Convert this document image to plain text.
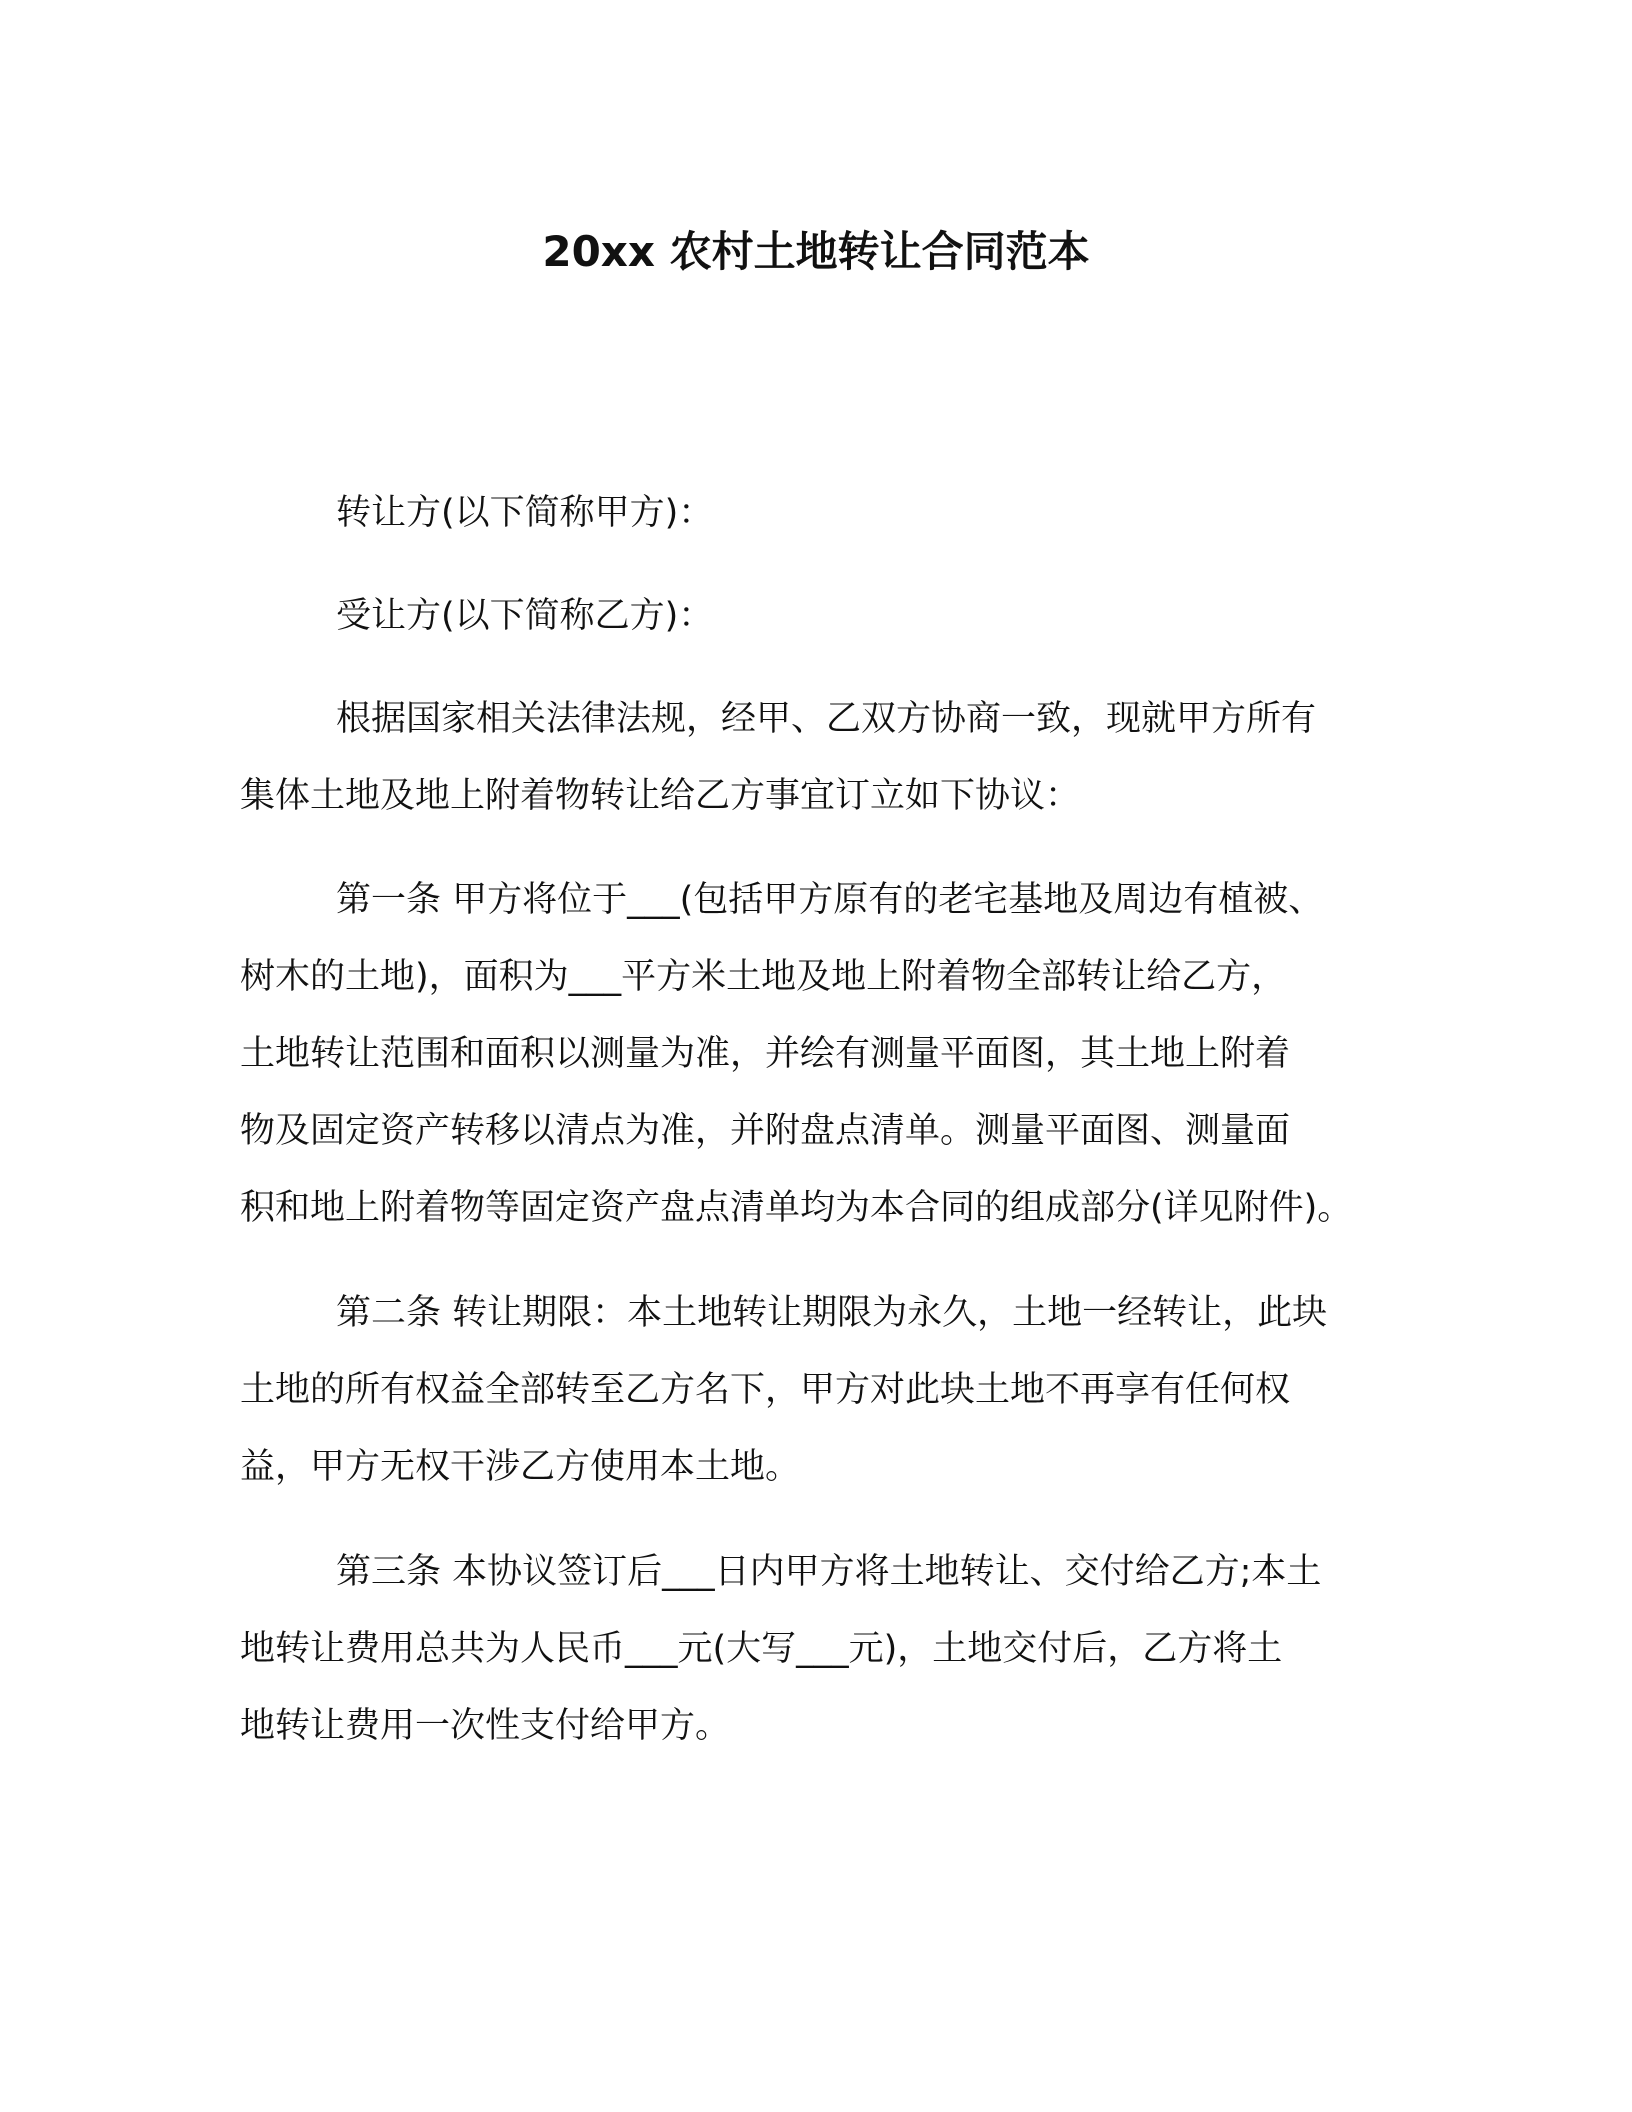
20xx 农村土地转让合同范本
转让方(以下简称甲方)：
受让方(以下简称乙方)：
根据国家相关法律法规，经甲、乙双方协商一致，现就甲方所有
集体土地及地上附着物转让给乙方事宜订立如下协议：
第一条 甲方将位于___(包括甲方原有的老宅基地及周边有植被、
树木的土地)，面积为___平方米土地及地上附着物全部转让给乙方，
土地转让范围和面积以测量为准，并绘有测量平面图，其土地上附着
物及固定资产转移以清点为准，并附盘点清单。测量平面图、测量面
积和地上附着物等固定资产盘点清单均为本合同的组成部分(详见附件)。
第二条 转让期限：本土地转让期限为永久，土地一经转让，此块
土地的所有权益全部转至乙方名下，甲方对此块土地不再享有任何权
益，甲方无权干涉乙方使用本土地。
第三条 本协议签订后___日内甲方将土地转让、交付给乙方;本土
地转让费用总共为人民币___元(大写___元)，土地交付后，乙方将土
地转让费用一次性支付给甲方。
